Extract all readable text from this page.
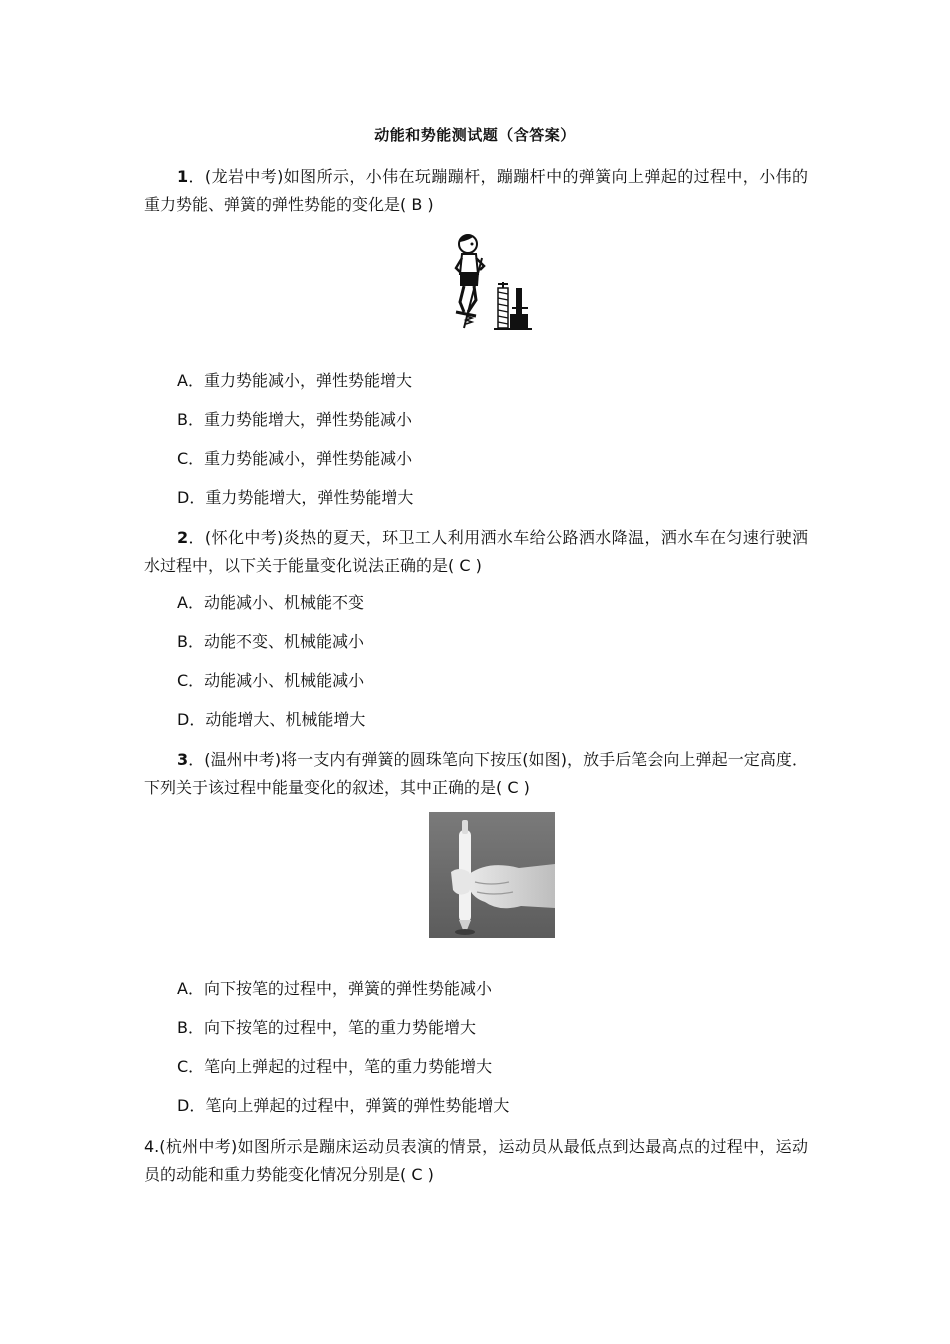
动能和势能测试题（含答案）
1．(龙岩中考)如图所示，小伟在玩蹦蹦杆，蹦蹦杆中的弹簧向上弹起的过程中，小伟的重力势能、弹簧的弹性势能的变化是( B )
A．重力势能减小，弹性势能增大
B．重力势能增大，弹性势能减小
C．重力势能减小，弹性势能减小
D．重力势能增大，弹性势能增大
2．(怀化中考)炎热的夏天，环卫工人利用洒水车给公路洒水降温，洒水车在匀速行驶洒水过程中，以下关于能量变化说法正确的是( C )
A．动能减小、机械能不变
B．动能不变、机械能减小
C．动能减小、机械能减小
D．动能增大、机械能增大
3．(温州中考)将一支内有弹簧的圆珠笔向下按压(如图)，放手后笔会向上弹起一定高度．下列关于该过程中能量变化的叙述，其中正确的是( C )
A．向下按笔的过程中，弹簧的弹性势能减小
B．向下按笔的过程中，笔的重力势能增大
C．笔向上弹起的过程中，笔的重力势能增大
D．笔向上弹起的过程中，弹簧的弹性势能增大
4.(杭州中考)如图所示是蹦床运动员表演的情景，运动员从最低点到达最高点的过程中，运动员的动能和重力势能变化情况分别是( C )
